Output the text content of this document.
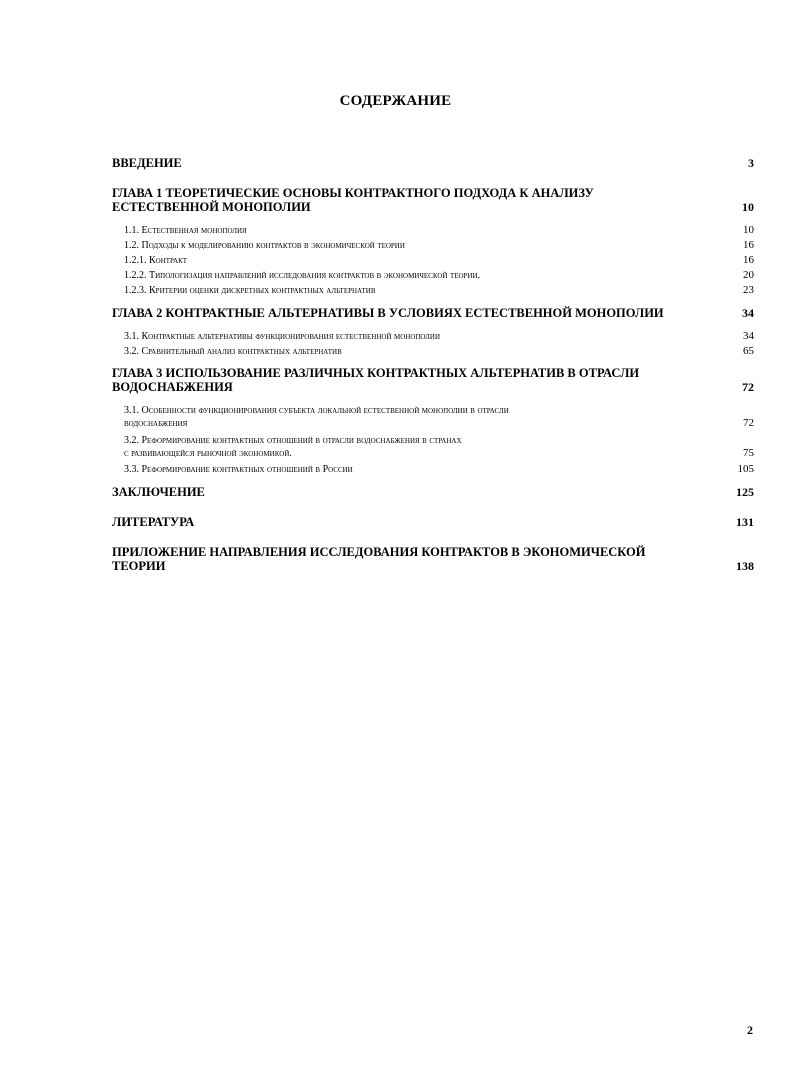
СОДЕРЖАНИЕ
ВВЕДЕНИЕ	3
ГЛАВА 1 ТЕОРЕТИЧЕСКИЕ ОСНОВЫ КОНТРАКТНОГО ПОДХОДА К АНАЛИЗУ
ЕСТЕСТВЕННОЙ МОНОПОЛИИ	10
1.1. Естественная монополия	10
1.2. Подходы к моделированию контрактов в экономической теории	16
1.2.1. Контракт	16
1.2.2. Типологизация направлений исследования контрактов в экономической теории.	20
1.2.3. Критерии оценки дискретных контрактных альтернатив	23
ГЛАВА 2 КОНТРАКТНЫЕ АЛЬТЕРНАТИВЫ В УСЛОВИЯХ ЕСТЕСТВЕННОЙ МОНОПОЛИИ	34
3.1. Контрактные альтернативы функционирования естественной монополии	34
3.2. Сравнительный анализ контрактных альтернатив	65
ГЛАВА 3 ИСПОЛЬЗОВАНИЕ РАЗЛИЧНЫХ КОНТРАКТНЫХ АЛЬТЕРНАТИВ В ОТРАСЛИ
ВОДОСНАБЖЕНИЯ	72
3.1. Особенности функционирования субъекта локальной естественной монополии в отрасли
водоснабжения	72
3.2. Реформирование контрактных отношений в отрасли водоснабжения в странах
с развивающейся рыночной экономикой.	75
3.3. Реформирование контрактных отношений в России	105
ЗАКЛЮЧЕНИЕ	125
ЛИТЕРАТУРА	131
ПРИЛОЖЕНИЕ НАПРАВЛЕНИЯ ИССЛЕДОВАНИЯ КОНТРАКТОВ В ЭКОНОМИЧЕСКОЙ
ТЕОРИИ	138
2
